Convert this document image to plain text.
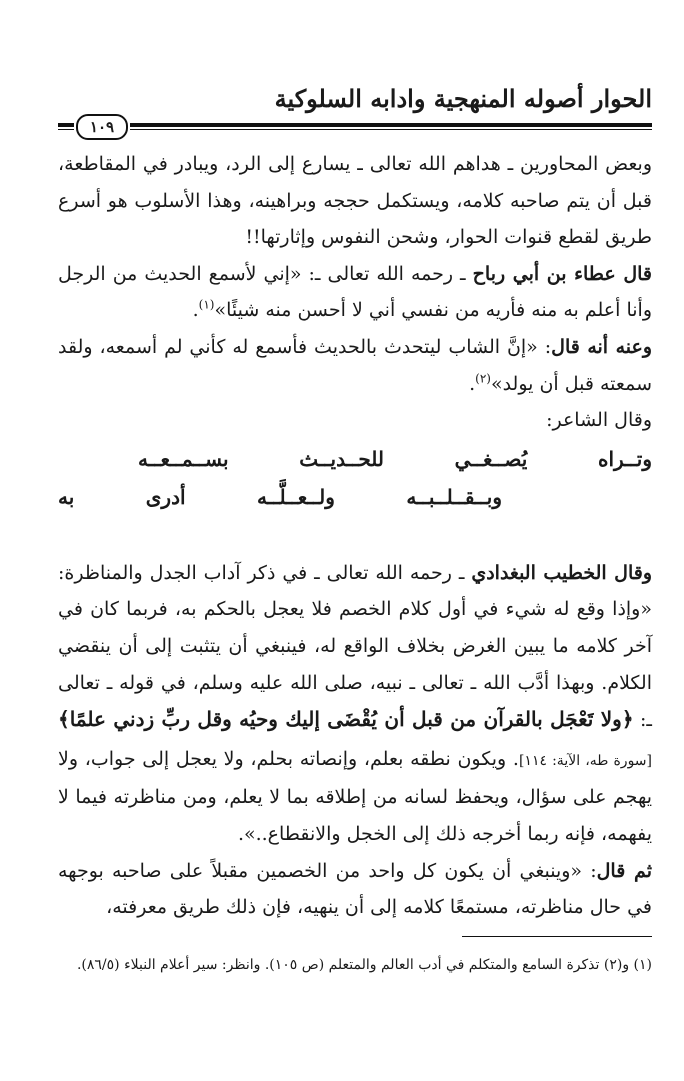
الحوار أصوله المنهجية وادابه السلوكية
١٠٩

وبعض المحاورين ـ هداهم الله تعالى ـ يسارع إلى الرد، ويبادر في المقاطعة، قبل أن يتم صاحبه كلامه، ويستكمل حججه وبراهينه، وهذا الأسلوب هو أسرع طريق لقطع قنوات الحوار، وشحن النفوس وإثارتها!!

قال عطاء بن أبي رباح ـ رحمه الله تعالى ـ: «إني لأسمع الحديث من الرجل وأنا أعلم به منه فأريه من نفسي أني لا أحسن منه شيئًا»$^{(١)}$.

وعنه أنه قال: «إنَّ الشاب ليتحدث بالحديث فأسمع له كأني لم أسمعه، ولقد سمعته قبل أن يولد»$^{(٢)}$.

وقال الشاعر:

وتــراه
يُصــغــي
للحــديــث
بســمــعــه
وبــقــلــبــه
ولــعــلَّــه
أدرى
به

وقال الخطيب البغدادي ـ رحمه الله تعالى ـ في ذكر آداب الجدل والمناظرة: «وإذا وقع له شيء في أول كلام الخصم فلا يعجل بالحكم به، فربما كان في آخر كلامه ما يبين الغرض بخلاف الواقع له، فينبغي أن يتثبت إلى أن ينقضي الكلام. وبهذا أدَّب الله ـ تعالى ـ نبيه، صلى الله عليه وسلم، في قوله ـ تعالى ـ: ﴿ولا تَعْجَل بالقرآن من قبل أن يُقْضَى إليك وحيُه وقل ربِّ زدني علمًا﴾ [سورة طه، الآية: ١١٤]. ويكون نطقه بعلم، وإنصاته بحلم، ولا يعجل إلى جواب، ولا يهجم على سؤال، ويحفظ لسانه من إطلاقه بما لا يعلم، ومن مناظرته فيما لا يفهمه، فإنه ربما أخرجه ذلك إلى الخجل والانقطاع..».

ثم قال: «وينبغي أن يكون كل واحد من الخصمين مقبلاً على صاحبه بوجهه في حال مناظرته، مستمعًا كلامه إلى أن ينهيه، فإن ذلك طريق معرفته،

(١) و(٢) تذكرة السامع والمتكلم في أدب العالم والمتعلم (ص ١٠٥). وانظر: سير أعلام النبلاء (٨٦/٥).
